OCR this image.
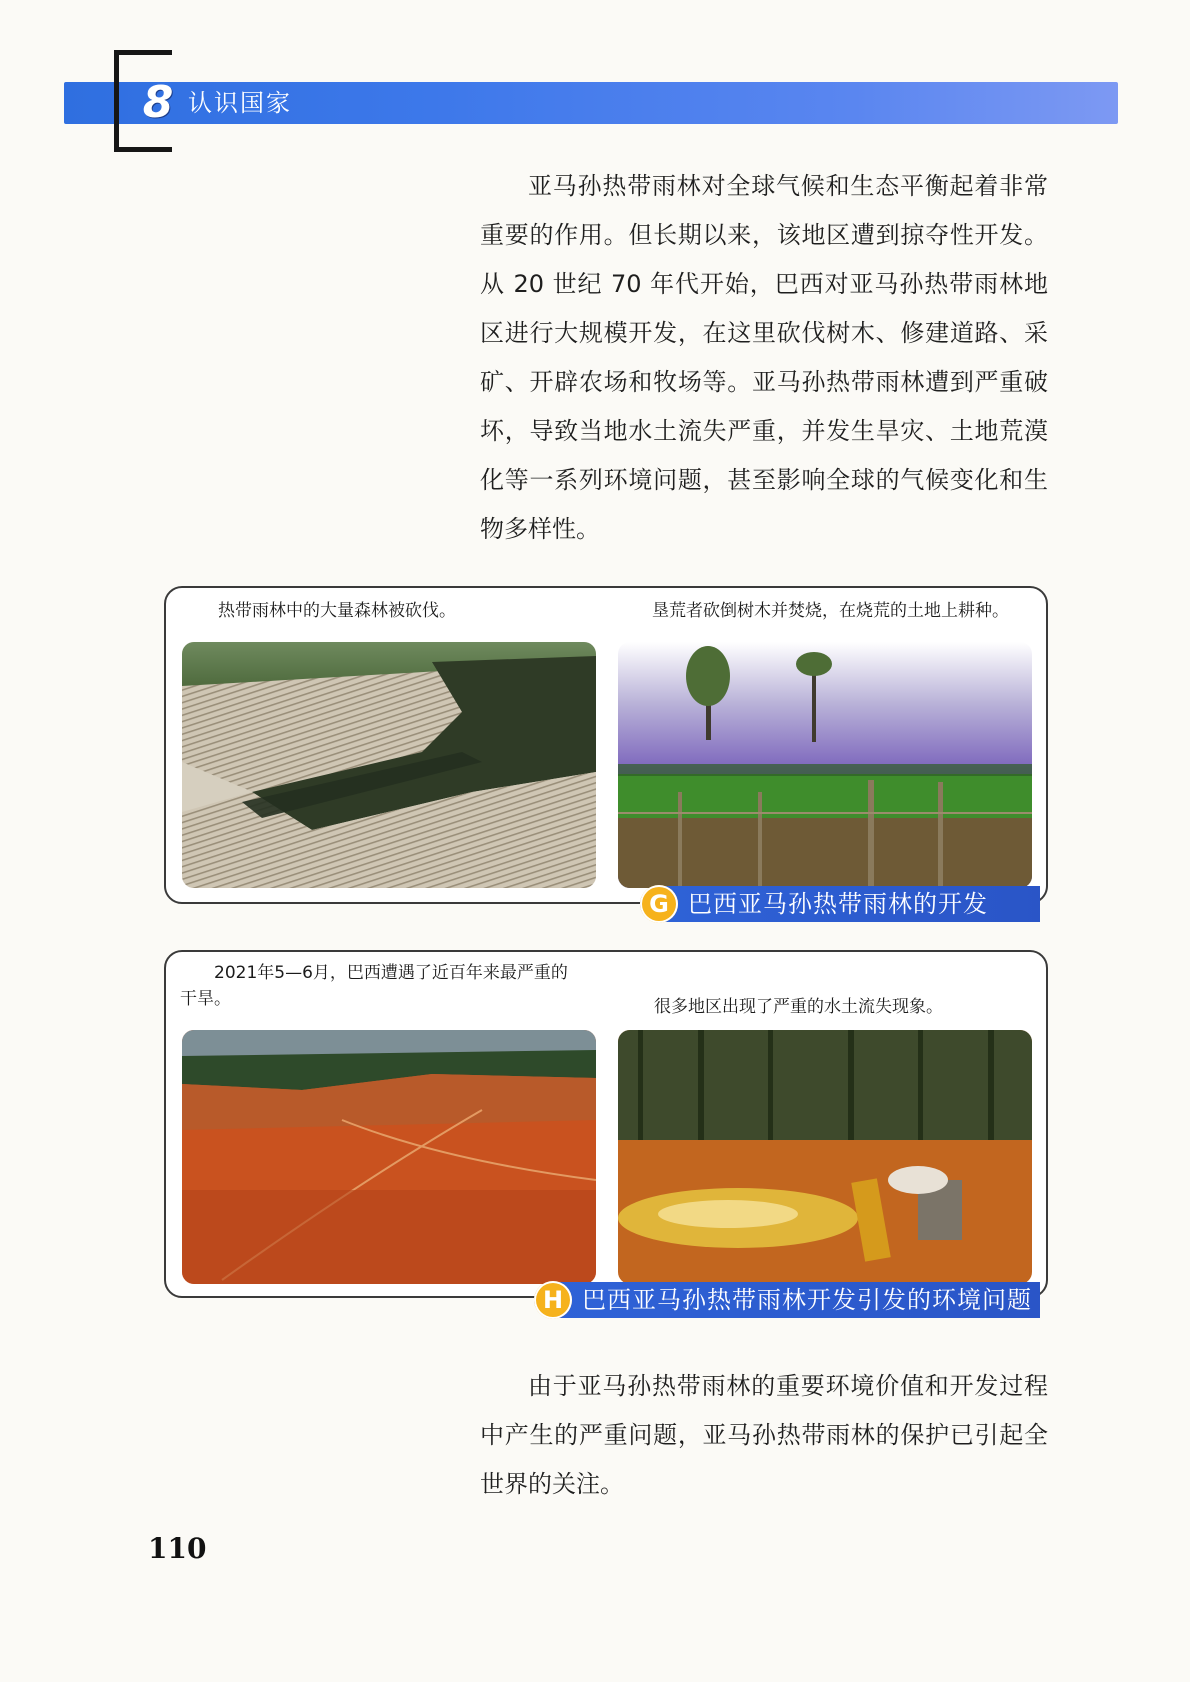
8 认识国家

亚马孙热带雨林对全球气候和生态平衡起着非常重要的作用。但长期以来，该地区遭到掠夺性开发。从 20 世纪 70 年代开始，巴西对亚马孙热带雨林地区进行大规模开发，在这里砍伐树木、修建道路、采矿、开辟农场和牧场等。亚马孙热带雨林遭到严重破坏，导致当地水土流失严重，并发生旱灾、土地荒漠化等一系列环境问题，甚至影响全球的气候变化和生物多样性。

热带雨林中的大量森林被砍伐。	垦荒者砍倒树木并焚烧，在烧荒的土地上耕种。

G 巴西亚马孙热带雨林的开发

2021年5—6月，巴西遭遇了近百年来最严重的干旱。	很多地区出现了严重的水土流失现象。

H 巴西亚马孙热带雨林开发引发的环境问题

由于亚马孙热带雨林的重要环境价值和开发过程中产生的严重问题，亚马孙热带雨林的保护已引起全世界的关注。

110
